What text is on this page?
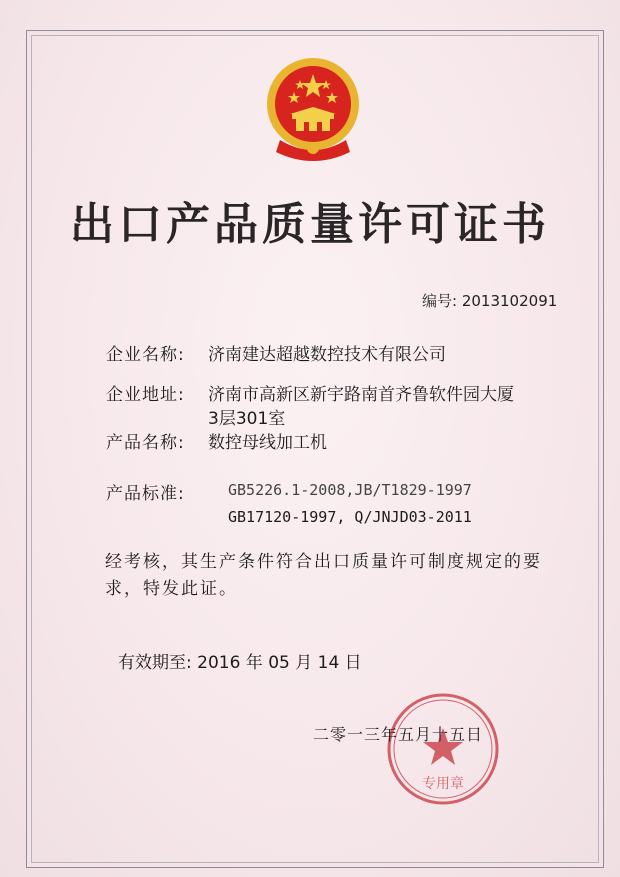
出口产品质量许可证书
编号: 2013102091
企业名称: 济南建达超越数控技术有限公司
企业地址: 济南市高新区新宇路南首齐鲁软件园大厦
3层301室
产品名称: 数控母线加工机
产品标准:	GB5226.1-2008,JB/T1829-1997
GB17120-1997, Q/JNJD03-2011
经考核，其生产条件符合出口质量许可制度规定的要求，特发此证。
有效期至: 2016 年 05 月 14 日
专用章
二零一三年五月十五日
